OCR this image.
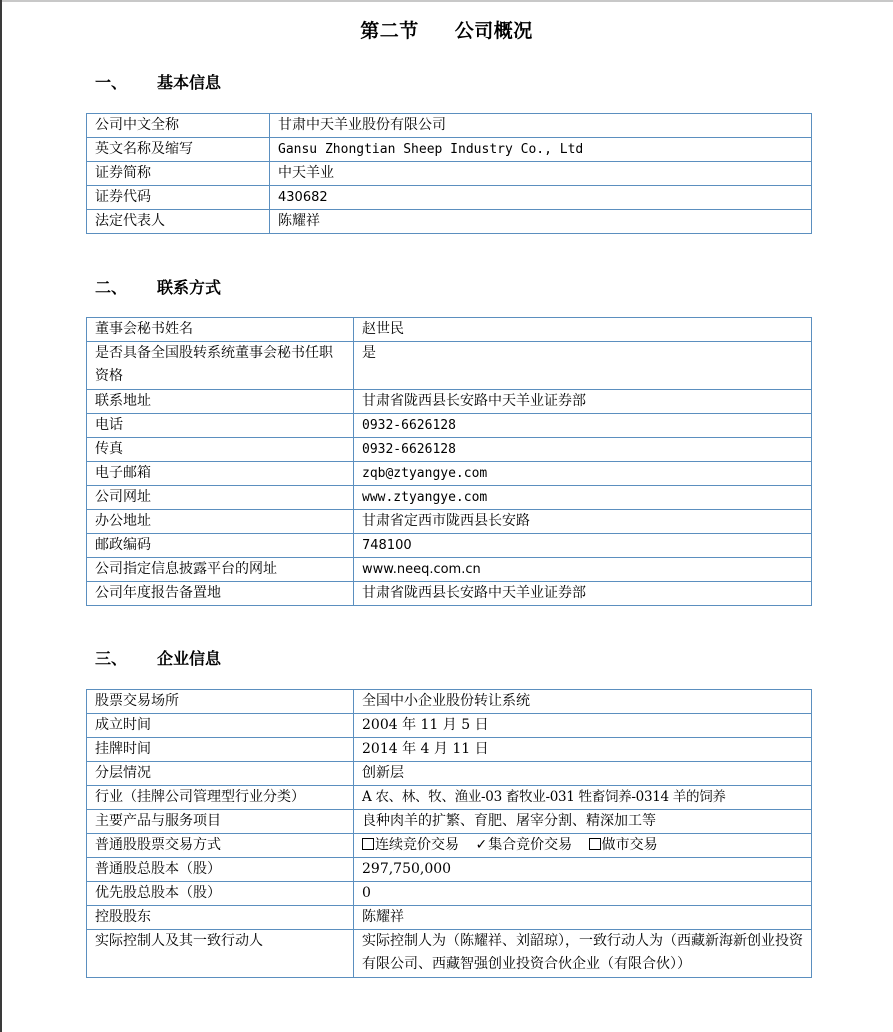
第二节 公司概况
一、 基本信息
公司中文全称	甘肃中天羊业股份有限公司
英文名称及缩写	Gansu Zhongtian Sheep Industry Co., Ltd
证券简称	中天羊业
证券代码	430682
法定代表人	陈耀祥
二、 联系方式
董事会秘书姓名	赵世民
是否具备全国股转系统董事会秘书任职资格	是
联系地址	甘肃省陇西县长安路中天羊业证券部
电话	0932-6626128
传真	0932-6626128
电子邮箱	zqb@ztyangye.com
公司网址	www.ztyangye.com
办公地址	甘肃省定西市陇西县长安路
邮政编码	748100
公司指定信息披露平台的网址	www.neeq.com.cn
公司年度报告备置地	甘肃省陇西县长安路中天羊业证券部
三、 企业信息
股票交易场所	全国中小企业股份转让系统
成立时间	2004 年 11 月 5 日
挂牌时间	2014 年 4 月 11 日
分层情况	创新层
行业（挂牌公司管理型行业分类）	A 农、林、牧、渔业-03 畜牧业-031 牲畜饲养-0314 羊的饲养
主要产品与服务项目	良种肉羊的扩繁、育肥、屠宰分割、精深加工等
普通股股票交易方式	连续竞价交易 ✓集合竞价交易 做市交易
普通股总股本（股）	297,750,000
优先股总股本（股）	0
控股股东	陈耀祥
实际控制人及其一致行动人	实际控制人为（陈耀祥、刘韶琼），一致行动人为（西藏新海新创业投资有限公司、西藏智强创业投资合伙企业（有限合伙））
